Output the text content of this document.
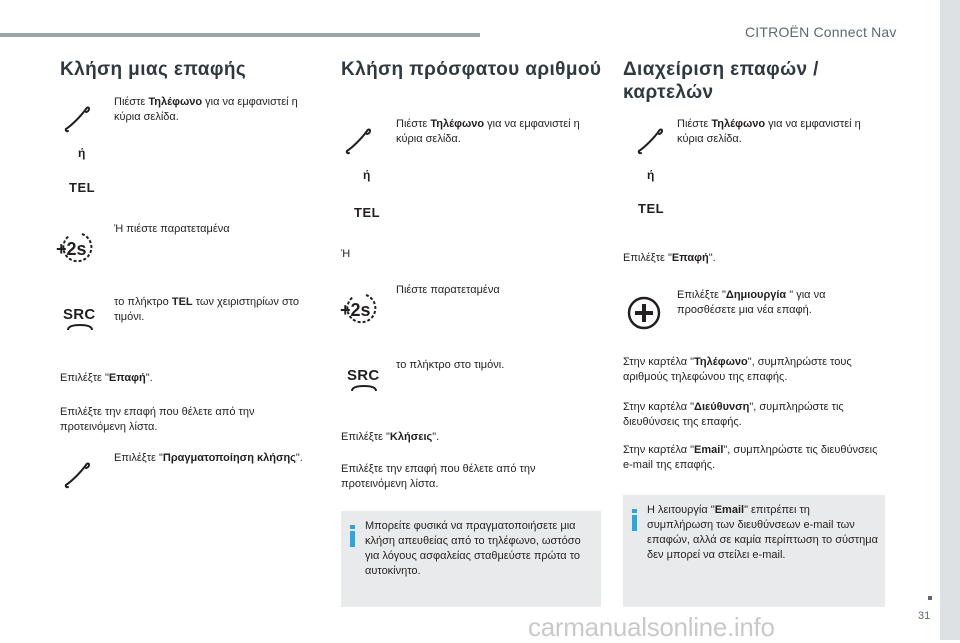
CITROËN Connect Nav
31
Κλήση μιας επαφής
Πιέστε Τηλέφωνο για να εμφανιστεί η κύρια σελίδα.
ή
TEL
+2s
Ή πιέστε παρατεταμένα
SRC
το πλήκτρο TEL των χειριστηρίων στο τιμόνι.
Επιλέξτε "Επαφή".
Επιλέξτε την επαφή που θέλετε από την προτεινόμενη λίστα.
Επιλέξτε "Πραγματοποίηση κλήσης".
Κλήση πρόσφατου αριθμού
Πιέστε Τηλέφωνο για να εμφανιστεί η κύρια σελίδα.
ή
TEL
Ή
+2s
Πιέστε παρατεταμένα
SRC
το πλήκτρο στο τιμόνι.
Επιλέξτε "Κλήσεις".
Επιλέξτε την επαφή που θέλετε από την προτεινόμενη λίστα.
Μπορείτε φυσικά να πραγματοποιήσετε μια κλήση απευθείας από το τηλέφωνο, ωστόσο για λόγους ασφαλείας σταθμεύστε πρώτα το αυτοκίνητο.
Διαχείριση επαφών /
καρτελών
Πιέστε Τηλέφωνο για να εμφανιστεί η κύρια σελίδα.
ή
TEL
Επιλέξτε "Επαφή".
Επιλέξτε "Δημιουργία " για να προσθέσετε μια νέα επαφή.
Στην καρτέλα "Τηλέφωνο", συμπληρώστε τους αριθμούς τηλεφώνου της επαφής.
Στην καρτέλα "Διεύθυνση", συμπληρώστε τις διευθύνσεις της επαφής.
Στην καρτέλα "Email", συμπληρώστε τις διευθύνσεις e-mail της επαφής.
Η λειτουργία "Email" επιτρέπει τη συμπλήρωση των διευθύνσεων e-mail των επαφών, αλλά σε καμία περίπτωση το σύστημα δεν μπορεί να στείλει e-mail.
carmanualsonline.info
